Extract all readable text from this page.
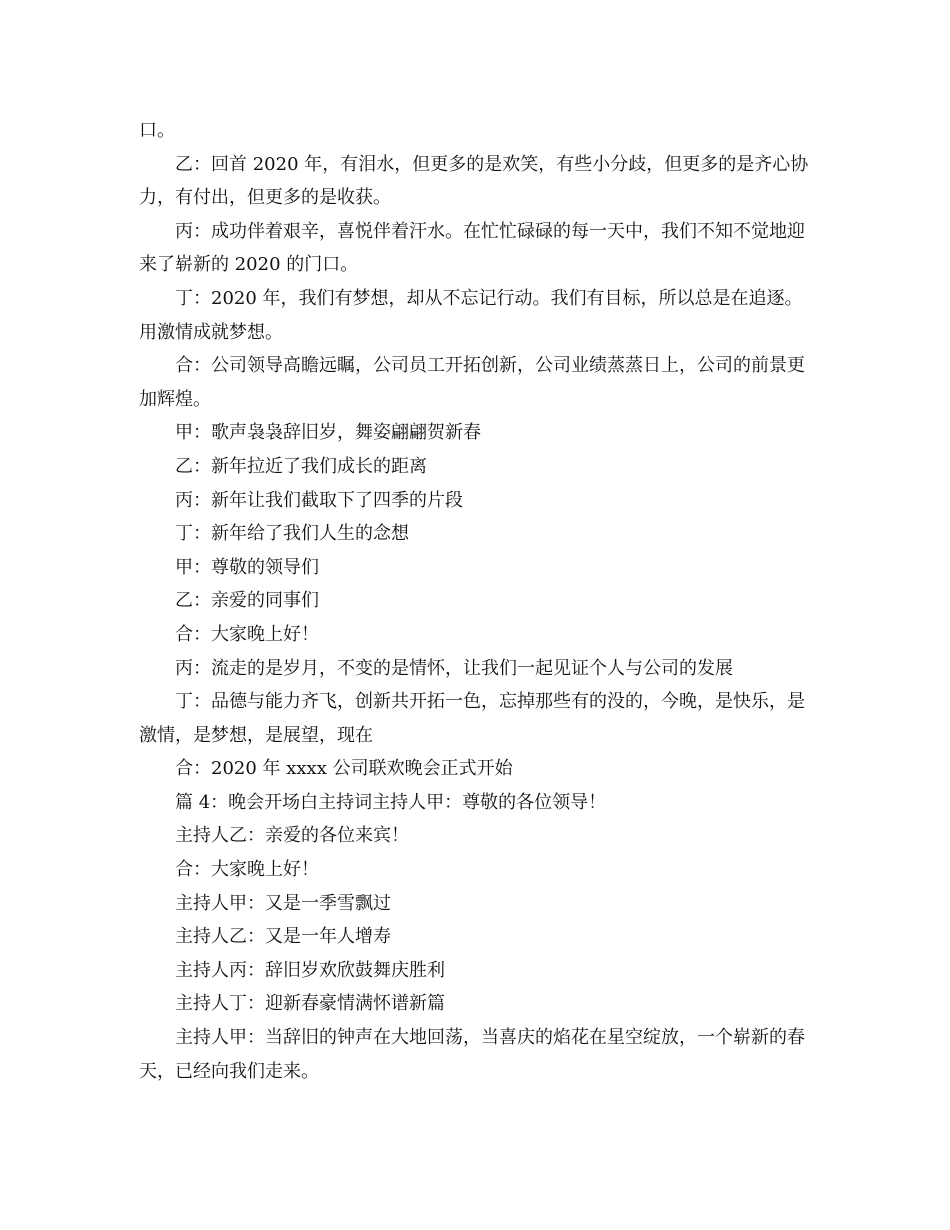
口。

乙：回首 2020 年，有泪水，但更多的是欢笑，有些小分歧，但更多的是齐心协力，有付出，但更多的是收获。

丙：成功伴着艰辛，喜悦伴着汗水。在忙忙碌碌的每一天中，我们不知不觉地迎来了崭新的 2020 的门口。

丁：2020 年，我们有梦想，却从不忘记行动。我们有目标，所以总是在追逐。用激情成就梦想。

合：公司领导高瞻远瞩，公司员工开拓创新，公司业绩蒸蒸日上，公司的前景更加辉煌。

甲：歌声袅袅辞旧岁，舞姿翩翩贺新春

乙：新年拉近了我们成长的距离

丙：新年让我们截取下了四季的片段

丁：新年给了我们人生的念想

甲：尊敬的领导们

乙：亲爱的同事们

合：大家晚上好！

丙：流走的是岁月，不变的是情怀，让我们一起见证个人与公司的发展

丁：品德与能力齐飞，创新共开拓一色，忘掉那些有的没的，今晚，是快乐，是激情，是梦想，是展望，现在

合：2020 年 xxxx 公司联欢晚会正式开始

篇 4：晚会开场白主持词主持人甲：尊敬的各位领导！

主持人乙：亲爱的各位来宾！

合：大家晚上好！

主持人甲：又是一季雪飘过

主持人乙：又是一年人增寿

主持人丙：辞旧岁欢欣鼓舞庆胜利

主持人丁：迎新春豪情满怀谱新篇

主持人甲：当辞旧的钟声在大地回荡，当喜庆的焰花在星空绽放，一个崭新的春天，已经向我们走来。
